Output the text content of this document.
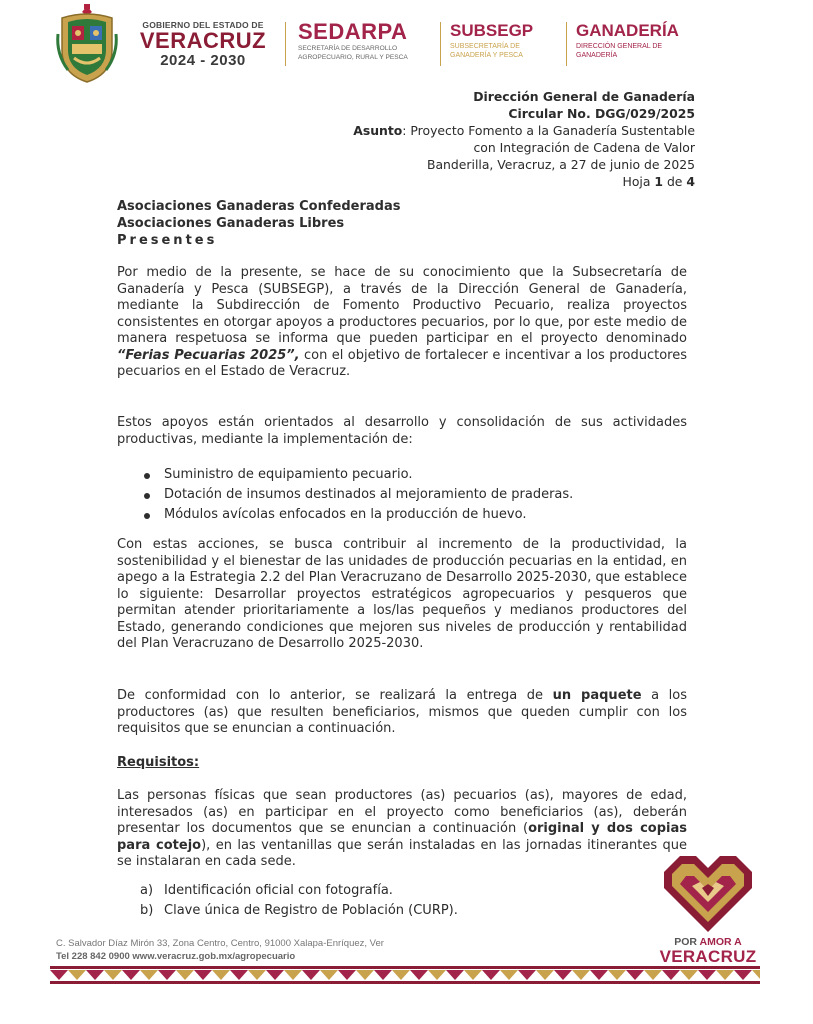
GOBIERNO DEL ESTADO DE
VERACRUZ
2024 - 2030
SEDARPA
SECRETARÍA DE DESARROLLO
AGROPECUARIO, RURAL Y PESCA
SUBSEGP
SUBSECRETARÍA DE
GANADERÍA Y PESCA
GANADERÍA
DIRECCIÓN GENERAL DE
GANADERÍA
Dirección General de Ganadería
Circular No. DGG/029/2025
Asunto: Proyecto Fomento a la Ganadería Sustentable
con Integración de Cadena de Valor
Banderilla, Veracruz, a 27 de junio de 2025
Hoja 1 de 4
Asociaciones Ganaderas Confederadas
Asociaciones Ganaderas Libres
Presentes

Por medio de la presente, se hace de su conocimiento que la Subsecretaría de Ganadería y Pesca (SUBSEGP), a través de la Dirección General de Ganadería, mediante la Subdirección de Fomento Productivo Pecuario, realiza proyectos consistentes en otorgar apoyos a productores pecuarios, por lo que, por este medio de manera respetuosa se informa que pueden participar en el proyecto denominado “Ferias Pecuarias 2025”, con el objetivo de fortalecer e incentivar a los productores pecuarios en el Estado de Veracruz.

Estos apoyos están orientados al desarrollo y consolidación de sus actividades productivas, mediante la implementación de:

Suministro de equipamiento pecuario.
Dotación de insumos destinados al mejoramiento de praderas.
Módulos avícolas enfocados en la producción de huevo.

Con estas acciones, se busca contribuir al incremento de la productividad, la sostenibilidad y el bienestar de las unidades de producción pecuarias en la entidad, en apego a la Estrategia 2.2 del Plan Veracruzano de Desarrollo 2025-2030, que establece lo siguiente: Desarrollar proyectos estratégicos agropecuarios y pesqueros que permitan atender prioritariamente a los/las pequeños y medianos productores del Estado, generando condiciones que mejoren sus niveles de producción y rentabilidad del Plan Veracruzano de Desarrollo 2025-2030.

De conformidad con lo anterior, se realizará la entrega de un paquete a los productores (as) que resulten beneficiarios, mismos que queden cumplir con los requisitos que se enuncian a continuación.

Requisitos:

Las personas físicas que sean productores (as) pecuarios (as), mayores de edad, interesados (as) en participar en el proyecto como beneficiarios (as), deberán presentar los documentos que se enuncian a continuación (original y dos copias para cotejo), en las ventanillas que serán instaladas en las jornadas itinerantes que se instalaran en cada sede.

a) Identificación oficial con fotografía.
b) Clave única de Registro de Población (CURP).
C. Salvador Díaz Mirón 33, Zona Centro, Centro, 91000 Xalapa-Enríquez, Ver
Tel 228 842 0900 www.veracruz.gob.mx/agropecuario
POR AMOR A
VERACRUZ
